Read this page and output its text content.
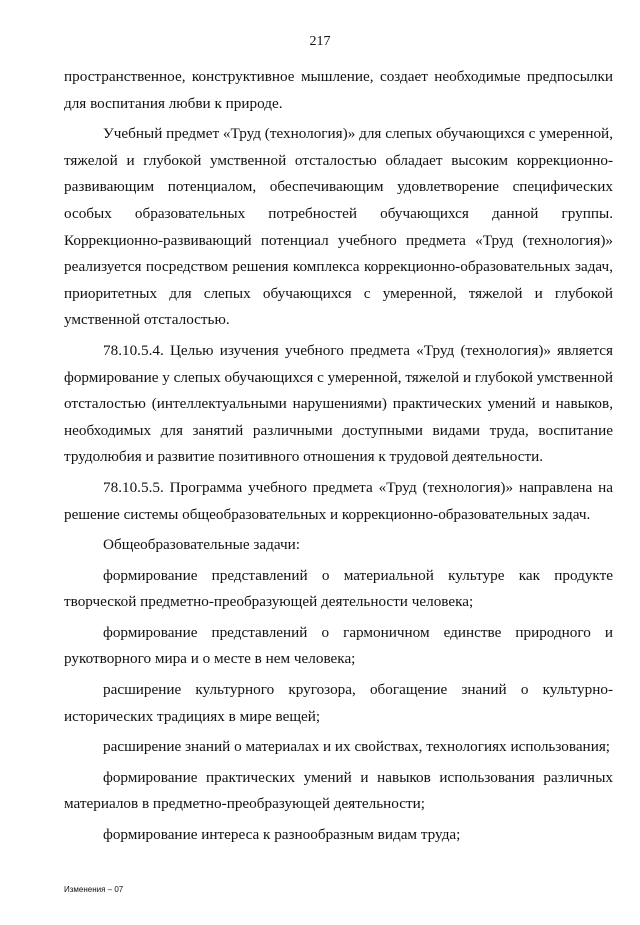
217

пространственное, конструктивное мышление, создает необходимые предпосылки для воспитания любви к природе.

Учебный предмет «Труд (технология)» для слепых обучающихся с умеренной, тяжелой и глубокой умственной отсталостью обладает высоким коррекционно-развивающим потенциалом, обеспечивающим удовлетворение специфических особых образовательных потребностей обучающихся данной группы. Коррекционно-развивающий потенциал учебного предмета «Труд (технология)» реализуется посредством решения комплекса коррекционно-образовательных задач, приоритетных для слепых обучающихся с умеренной, тяжелой и глубокой умственной отсталостью.

78.10.5.4. Целью изучения учебного предмета «Труд (технология)» является формирование у слепых обучающихся с умеренной, тяжелой и глубокой умственной отсталостью (интеллектуальными нарушениями) практических умений и навыков, необходимых для занятий различными доступными видами труда, воспитание трудолюбия и развитие позитивного отношения к трудовой деятельности.

78.10.5.5. Программа учебного предмета «Труд (технология)» направлена на решение системы общеобразовательных и коррекционно-образовательных задач.

Общеобразовательные задачи:

формирование представлений о материальной культуре как продукте творческой предметно-преобразующей деятельности человека;

формирование представлений о гармоничном единстве природного и рукотворного мира и о месте в нем человека;

расширение культурного кругозора, обогащение знаний о культурно-исторических традициях в мире вещей;

расширение знаний о материалах и их свойствах, технологиях использования;

формирование практических умений и навыков использования различных материалов в предметно-преобразующей деятельности;

формирование интереса к разнообразным видам труда;

Изменения – 07
